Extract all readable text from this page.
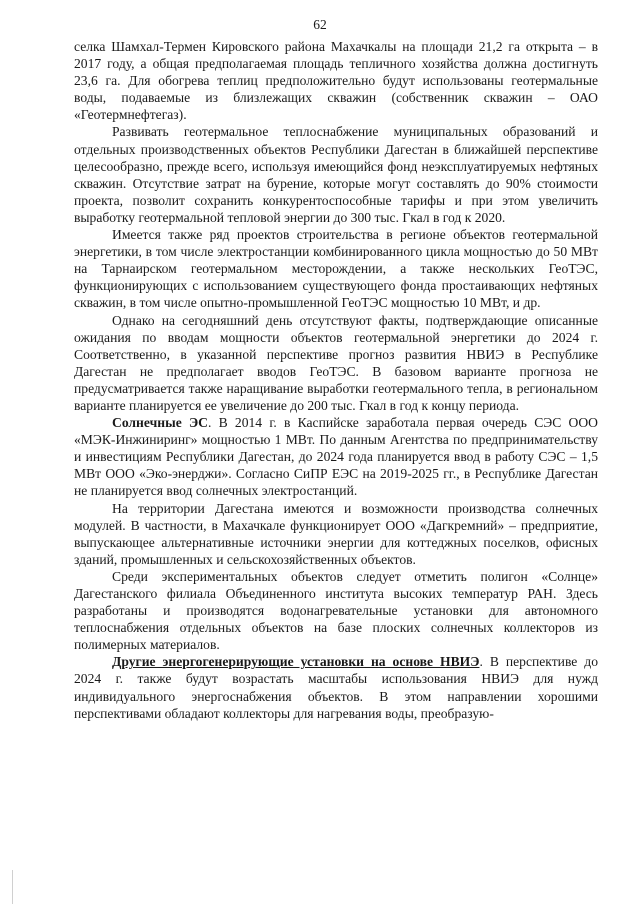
62

селка Шамхал-Термен Кировского района Махачкалы на площади 21,2 га открыта – в 2017 году, а общая предполагаемая площадь тепличного хозяйства должна достигнуть 23,6 га. Для обогрева теплиц предположительно будут использованы геотермальные воды, подаваемые из близлежащих скважин (собственник скважин – ОАО «Геотермнефтегаз).

Развивать геотермальное теплоснабжение муниципальных образований и отдельных производственных объектов Республики Дагестан в ближайшей перспективе целесообразно, прежде всего, используя имеющийся фонд неэксплуатируемых нефтяных скважин. Отсутствие затрат на бурение, которые могут составлять до 90% стоимости проекта, позволит сохранить конкурентоспособные тарифы и при этом увеличить выработку геотермальной тепловой энергии до 300 тыс. Гкал в год к 2020.

Имеется также ряд проектов строительства в регионе объектов геотермальной энергетики, в том числе электростанции комбинированного цикла мощностью до 50 МВт на Тарнаирском геотермальном месторождении, а также нескольких ГеоТЭС, функционирующих с использованием существующего фонда простаивающих нефтяных скважин, в том числе опытно-промышленной ГеоТЭС мощностью 10 МВт, и др.

Однако на сегодняшний день отсутствуют факты, подтверждающие описанные ожидания по вводам мощности объектов геотермальной энергетики до 2024 г. Соответственно, в указанной перспективе прогноз развития НВИЭ в Республике Дагестан не предполагает вводов ГеоТЭС. В базовом варианте прогноза не предусматривается также наращивание выработки геотермального тепла, в региональном варианте планируется ее увеличение до 200 тыс. Гкал в год к концу периода.

Солнечные ЭС. В 2014 г. в Каспийске заработала первая очередь СЭС ООО «МЭК-Инжиниринг» мощностью 1 МВт. По данным Агентства по предпринимательству и инвестициям Республики Дагестан, до 2024 года планируется ввод в работу СЭС – 1,5 МВт ООО «Эко-энерджи». Согласно СиПР ЕЭС на 2019-2025 гг., в Республике Дагестан не планируется ввод солнечных электростанций.

На территории Дагестана имеются и возможности производства солнечных модулей. В частности, в Махачкале функционирует ООО «Дагкремний» – предприятие, выпускающее альтернативные источники энергии для коттеджных поселков, офисных зданий, промышленных и сельскохозяйственных объектов.

Среди экспериментальных объектов следует отметить полигон «Солнце» Дагестанского филиала Объединенного института высоких температур РАН. Здесь разработаны и производятся водонагревательные установки для автономного теплоснабжения отдельных объектов на базе плоских солнечных коллекторов из полимерных материалов.

Другие энергогенерирующие установки на основе НВИЭ. В перспективе до 2024 г. также будут возрастать масштабы использования НВИЭ для нужд индивидуального энергоснабжения объектов. В этом направлении хорошими перспективами обладают коллекторы для нагревания воды, преобразую-
